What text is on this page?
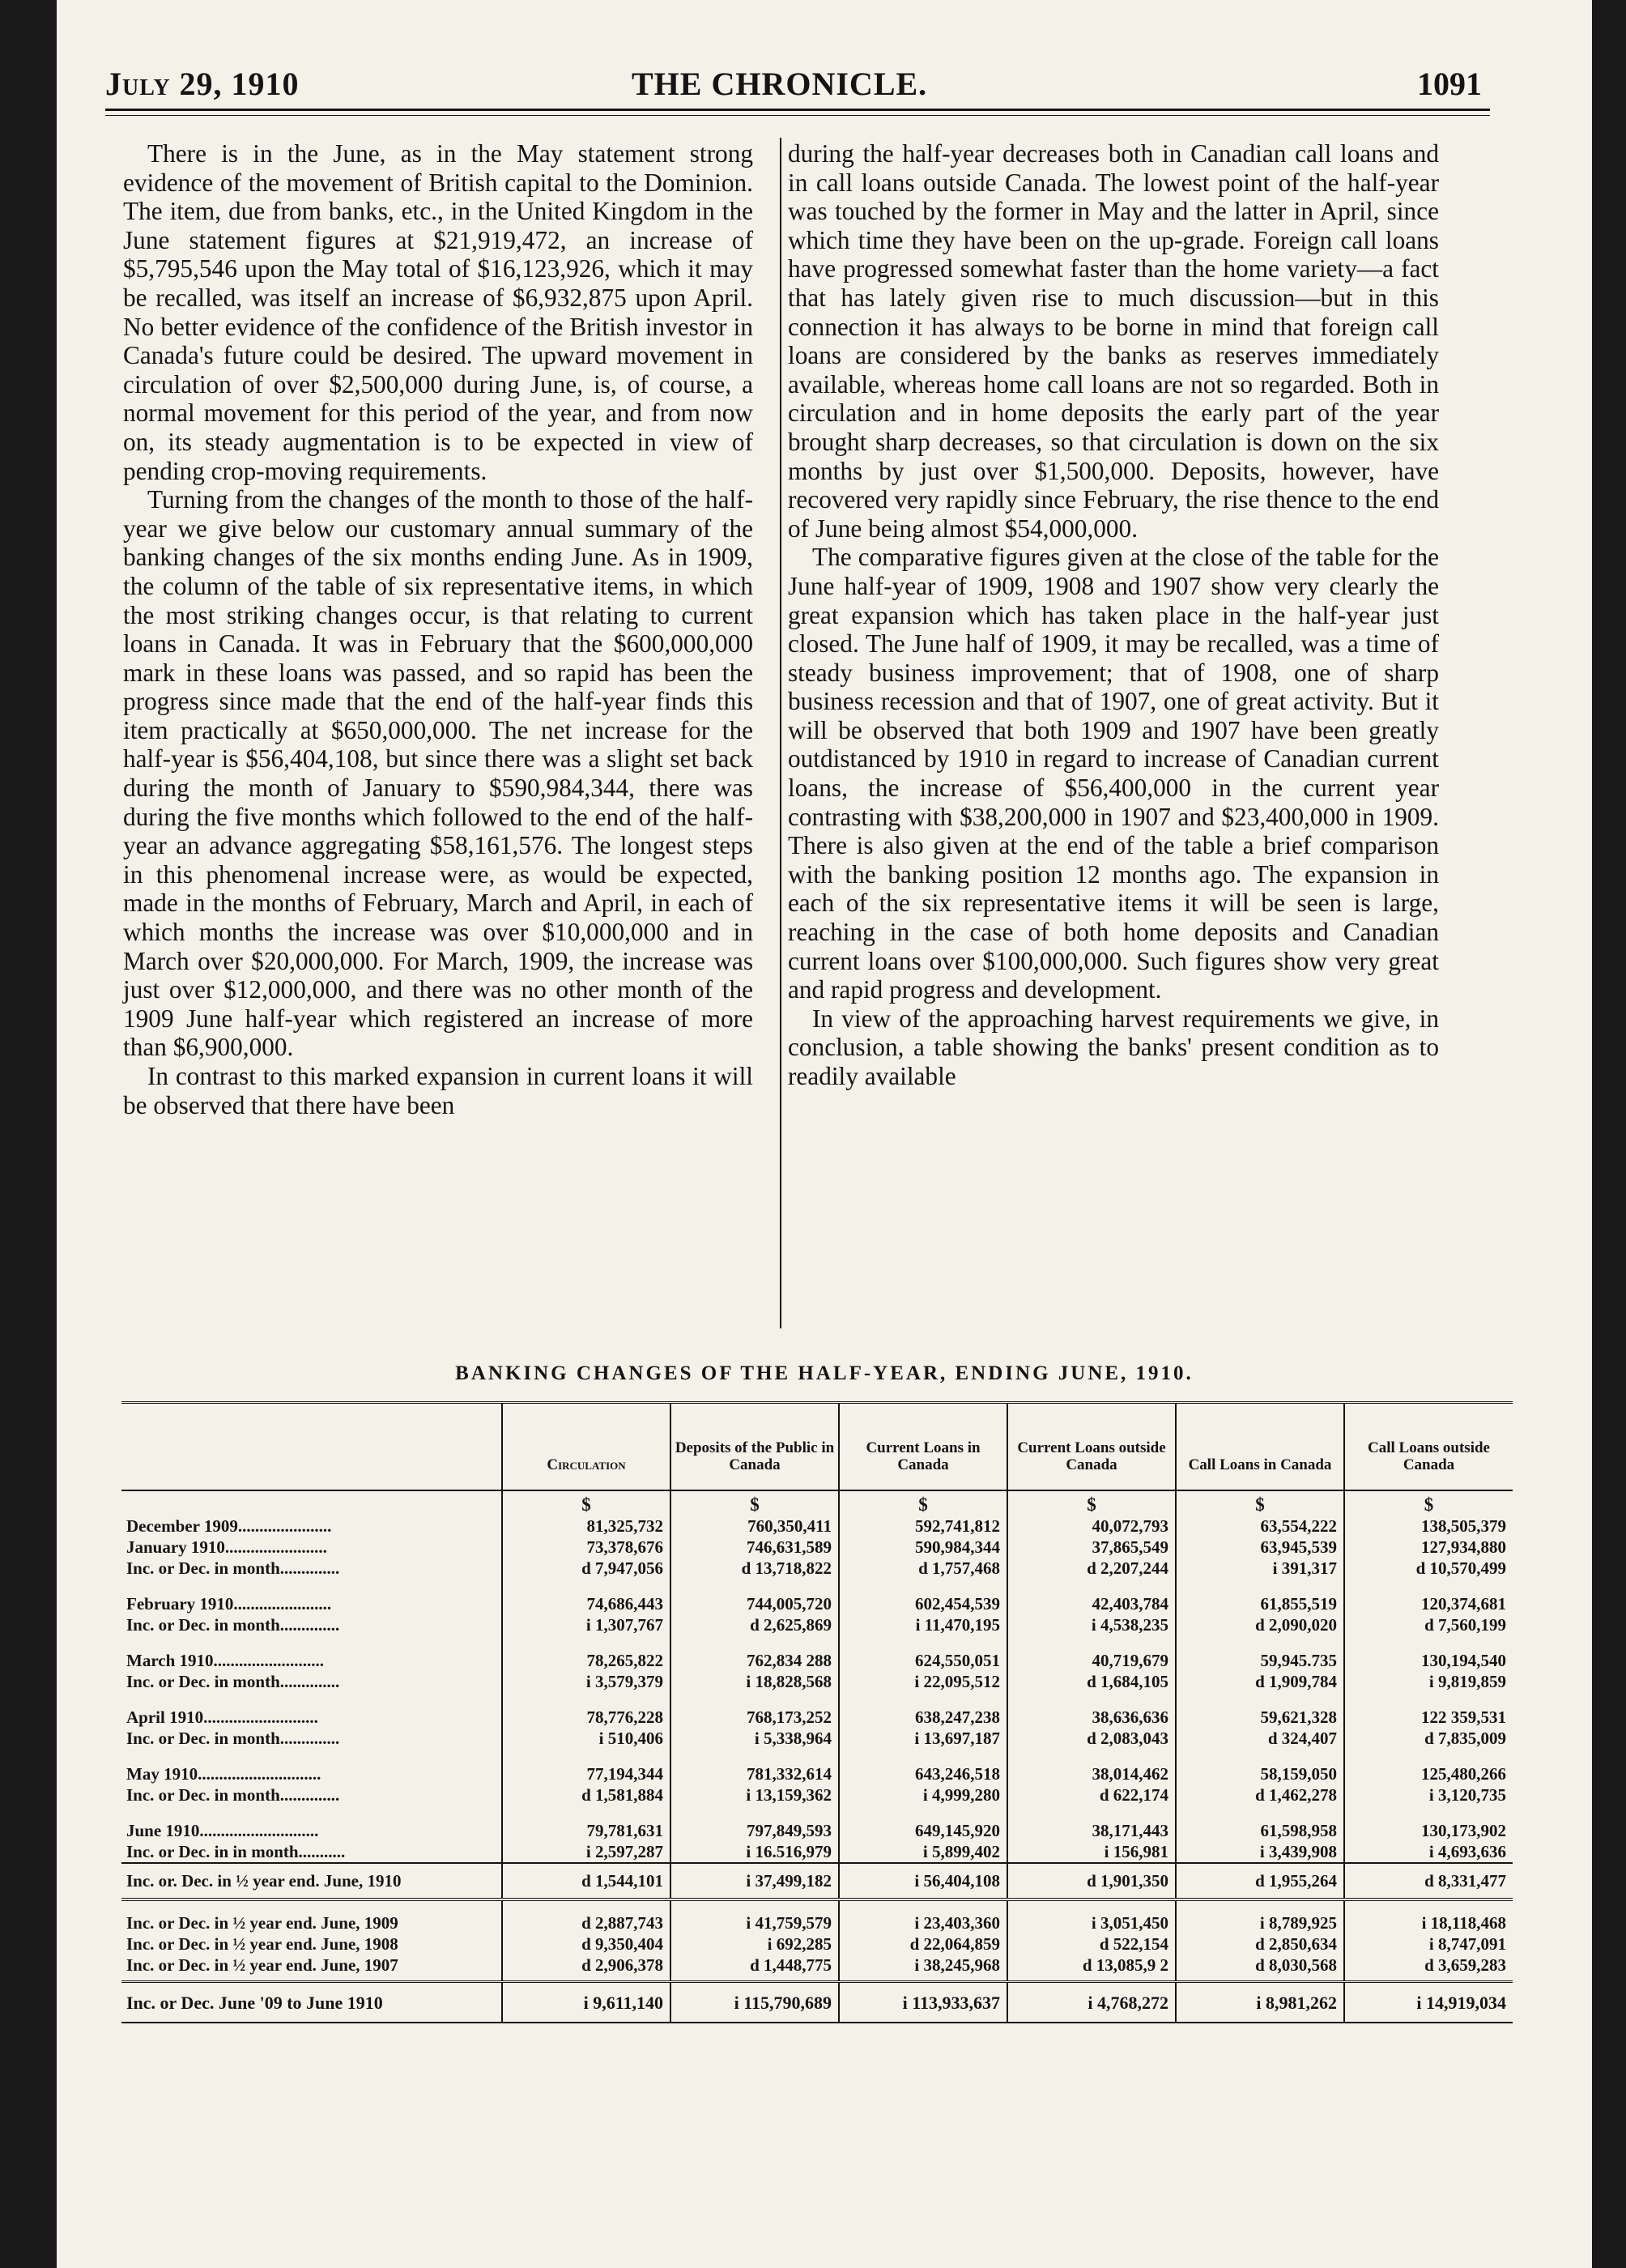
July 29, 1910	THE CHRONICLE.	1091

There is in the June, as in the May statement strong evidence of the movement of British capital to the Dominion. The item, due from banks, etc., in the United Kingdom in the June statement figures at $21,919,472, an increase of $5,795,546 upon the May total of $16,123,926, which it may be recalled, was itself an increase of $6,932,875 upon April. No better evidence of the confidence of the British investor in Canada's future could be desired. The upward movement in circulation of over $2,500,000 during June, is, of course, a normal movement for this period of the year, and from now on, its steady augmentation is to be expected in view of pending crop-moving requirements.

Turning from the changes of the month to those of the half-year we give below our customary annual summary of the banking changes of the six months ending June. As in 1909, the column of the table of six representative items, in which the most striking changes occur, is that relating to current loans in Canada. It was in February that the $600,000,000 mark in these loans was passed, and so rapid has been the progress since made that the end of the half-year finds this item practically at $650,000,000. The net increase for the half-year is $56,404,108, but since there was a slight set back during the month of January to $590,984,344, there was during the five months which followed to the end of the half-year an advance aggregating $58,161,576. The longest steps in this phenomenal increase were, as would be expected, made in the months of February, March and April, in each of which months the increase was over $10,000,000 and in March over $20,000,000. For March, 1909, the increase was just over $12,000,000, and there was no other month of the 1909 June half-year which registered an increase of more than $6,900,000.

In contrast to this marked expansion in current loans it will be observed that there have been

during the half-year decreases both in Canadian call loans and in call loans outside Canada. The lowest point of the half-year was touched by the former in May and the latter in April, since which time they have been on the up-grade. Foreign call loans have progressed somewhat faster than the home variety—a fact that has lately given rise to much discussion—but in this connection it has always to be borne in mind that foreign call loans are considered by the banks as reserves immediately available, whereas home call loans are not so regarded. Both in circulation and in home deposits the early part of the year brought sharp decreases, so that circulation is down on the six months by just over $1,500,000. Deposits, however, have recovered very rapidly since February, the rise thence to the end of June being almost $54,000,000.

The comparative figures given at the close of the table for the June half-year of 1909, 1908 and 1907 show very clearly the great expansion which has taken place in the half-year just closed. The June half of 1909, it may be recalled, was a time of steady business improvement; that of 1908, one of sharp business recession and that of 1907, one of great activity. But it will be observed that both 1909 and 1907 have been greatly outdistanced by 1910 in regard to increase of Canadian current loans, the increase of $56,400,000 in the current year contrasting with $38,200,000 in 1907 and $23,400,000 in 1909. There is also given at the end of the table a brief comparison with the banking position 12 months ago. The expansion in each of the six representative items it will be seen is large, reaching in the case of both home deposits and Canadian current loans over $100,000,000. Such figures show very great and rapid progress and development.

In view of the approaching harvest requirements we give, in conclusion, a table showing the banks' present condition as to readily available

BANKING CHANGES OF THE HALF-YEAR, ENDING JUNE, 1910.
	Circulation	Deposits of the Public in Canada	Current Loans in Canada	Current Loans outside Canada	Call Loans in Canada	Call Loans outside Canada
	$	$	$	$	$	$
December 1909......................	81,325,732	760,350,411	592,741,812	40,072,793	63,554,222	138,505,379
January 1910........................	73,378,676	746,631,589	590,984,344	37,865,549	63,945,539	127,934,880
Inc. or Dec. in month..............	d 7,947,056	d 13,718,822	d 1,757,468	d 2,207,244	i 391,317	d 10,570,499

February 1910.......................	74,686,443	744,005,720	602,454,539	42,403,784	61,855,519	120,374,681
Inc. or Dec. in month..............	i 1,307,767	d 2,625,869	i 11,470,195	i 4,538,235	d 2,090,020	d 7,560,199

March 1910..........................	78,265,822	762,834 288	624,550,051	40,719,679	59,945.735	130,194,540
Inc. or Dec. in month..............	i 3,579,379	i 18,828,568	i 22,095,512	d 1,684,105	d 1,909,784	i 9,819,859

April 1910...........................	78,776,228	768,173,252	638,247,238	38,636,636	59,621,328	122 359,531
Inc. or Dec. in month..............	i 510,406	i 5,338,964	i 13,697,187	d 2,083,043	d 324,407	d 7,835,009

May 1910.............................	77,194,344	781,332,614	643,246,518	38,014,462	58,159,050	125,480,266
Inc. or Dec. in month..............	d 1,581,884	i 13,159,362	i 4,999,280	d 622,174	d 1,462,278	i 3,120,735

June 1910............................	79,781,631	797,849,593	649,145,920	38,171,443	61,598,958	130,173,902
Inc. or Dec. in in month...........	i 2,597,287	i 16.516,979	i 5,899,402	i 156,981	i 3,439,908	i 4,693,636
Inc. or. Dec. in ½ year end. June, 1910	d 1,544,101	i 37,499,182	i 56,404,108	d 1,901,350	d 1,955,264	d 8,331,477
Inc. or Dec. in ½ year end. June, 1909	d 2,887,743	i 41,759,579	i 23,403,360	i 3,051,450	i 8,789,925	i 18,118,468
Inc. or Dec. in ½ year end. June, 1908	d 9,350,404	i 692,285	d 22,064,859	d 522,154	d 2,850,634	i 8,747,091
Inc. or Dec. in ½ year end. June, 1907	d 2,906,378	d 1,448,775	i 38,245,968	d 13,085,9 2	d 8,030,568	d 3,659,283
Inc. or Dec. June '09 to June 1910	i 9,611,140	i 115,790,689	i 113,933,637	i 4,768,272	i 8,981,262	i 14,919,034
